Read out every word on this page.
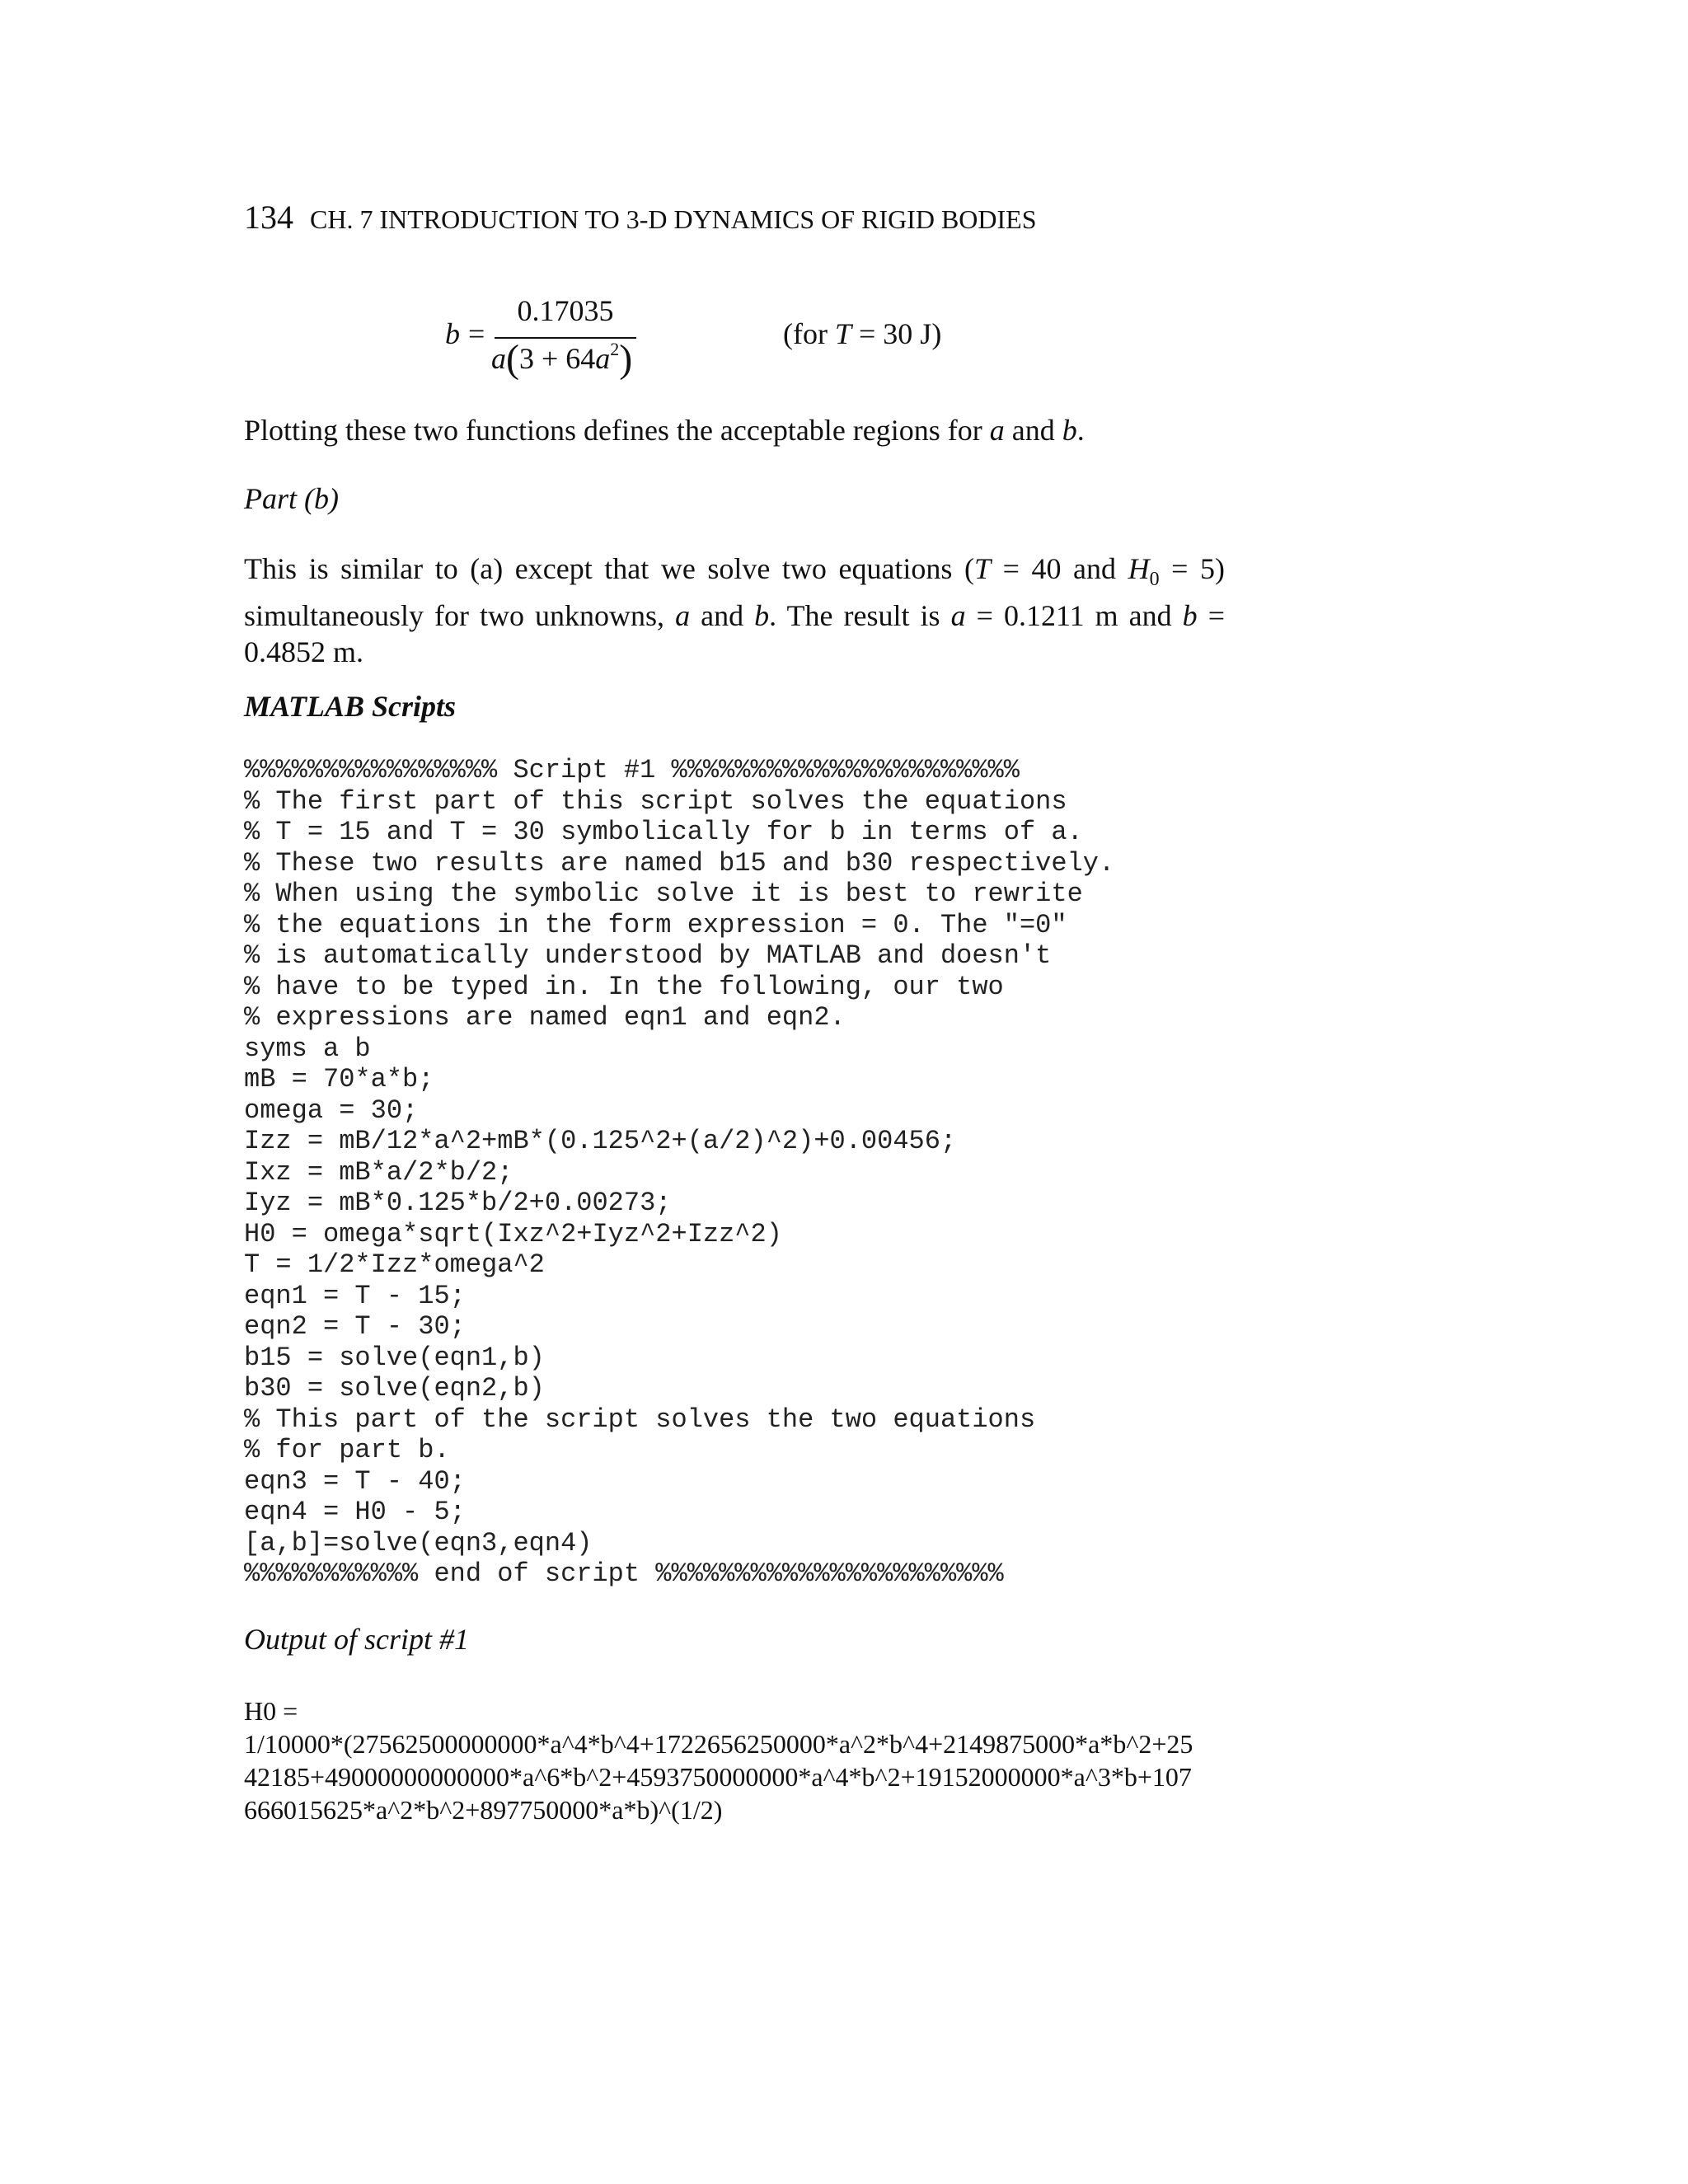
134 CH. 7 INTRODUCTION TO 3-D DYNAMICS OF RIGID BODIES
b =
0.17035
$a(3 + 64a^2)$
(for T = 30 J)
Plotting these two functions defines the acceptable regions for a and b.
Part (b)
This is similar to (a) except that we solve two equations (T = 40 and $H_0 = 5$) simultaneously for two unknowns, a and b. The result is a = 0.1211 m and b = 0.4852 m.
MATLAB Scripts
%%%%%%%%%%%%%%%% Script #1 %%%%%%%%%%%%%%%%%%%%%%
% The first part of this script solves the equations
% T = 15 and T = 30 symbolically for b in terms of a.
% These two results are named b15 and b30 respectively.
% When using the symbolic solve it is best to rewrite
% the equations in the form expression = 0. The "=0"
% is automatically understood by MATLAB and doesn't
% have to be typed in. In the following, our two
% expressions are named eqn1 and eqn2.
syms a b
mB = 70*a*b;
omega = 30;
Izz = mB/12*a^2+mB*(0.125^2+(a/2)^2)+0.00456;
Ixz = mB*a/2*b/2;
Iyz = mB*0.125*b/2+0.00273;
H0 = omega*sqrt(Ixz^2+Iyz^2+Izz^2)
T = 1/2*Izz*omega^2
eqn1 = T - 15;
eqn2 = T - 30;
b15 = solve(eqn1,b)
b30 = solve(eqn2,b)
% This part of the script solves the two equations
% for part b.
eqn3 = T - 40;
eqn4 = H0 - 5;
[a,b]=solve(eqn3,eqn4)
%%%%%%%%%%% end of script %%%%%%%%%%%%%%%%%%%%%%
Output of script #1
H0 =
1/10000*(27562500000000*a^4*b^4+1722656250000*a^2*b^4+2149875000*a*b^2+25
42185+49000000000000*a^6*b^2+4593750000000*a^4*b^2+19152000000*a^3*b+107
666015625*a^2*b^2+897750000*a*b)^(1/2)
